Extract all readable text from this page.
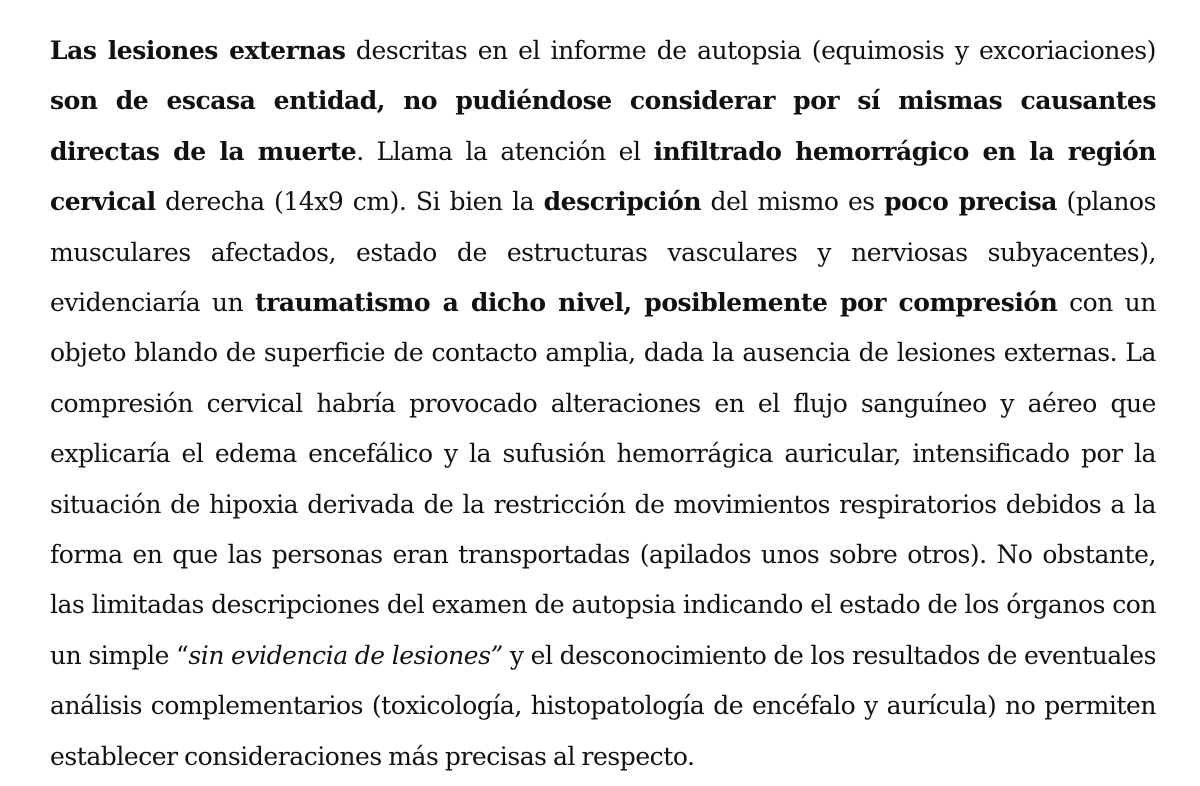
Las lesiones externas descritas en el informe de autopsia (equimosis y excoriaciones) son de escasa entidad, no pudiéndose considerar por sí mismas causantes directas de la muerte. Llama la atención el infiltrado hemorrágico en la región cervical derecha (14x9 cm). Si bien la descripción del mismo es poco precisa (planos musculares afectados, estado de estructuras vasculares y nerviosas subyacentes), evidenciaría un traumatismo a dicho nivel, posiblemente por compresión con un objeto blando de superficie de contacto amplia, dada la ausencia de lesiones externas. La compresión cervical habría provocado alteraciones en el flujo sanguíneo y aéreo que explicaría el edema encefálico y la sufusión hemorrágica auricular, intensificado por la situación de hipoxia derivada de la restricción de movimientos respiratorios debidos a la forma en que las personas eran transportadas (apilados unos sobre otros). No obstante, las limitadas descripciones del examen de autopsia indicando el estado de los órganos con un simple “sin evidencia de lesiones” y el desconocimiento de los resultados de eventuales análisis complementarios (toxicología, histopatología de encéfalo y aurícula) no permiten establecer consideraciones más precisas al respecto.
